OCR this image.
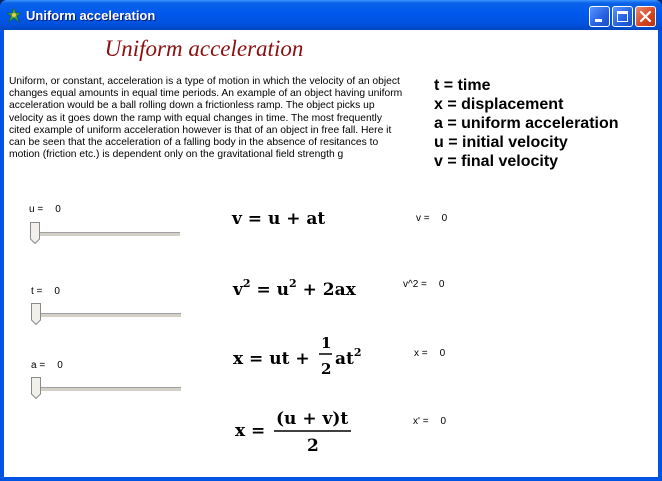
Uniform acceleration
Uniform acceleration
Uniform, or constant, acceleration is a type of motion in which the velocity of an object changes equal amounts in equal time periods. An example of an object having uniform acceleration would be a ball rolling down a frictionless ramp. The object picks up velocity as it goes down the ramp with equal changes in time. The most frequently cited example of uniform acceleration however is that of an object in free fall. Here it can be seen that the acceleration of a falling body in the absence of resitances to motion (friction etc.) is dependent only on the gravitational field strength g
t = time
x = displacement
a = uniform acceleration
u = initial velocity
v = final velocity
u = 0
t = 0
a = 0
v = u + at
$v^2 = u^2 + 2ax$
x = ut +
1
2 $at^2$
x =
(u + v)t
2
v = 0
v^2 = 0
x = 0
x' = 0
